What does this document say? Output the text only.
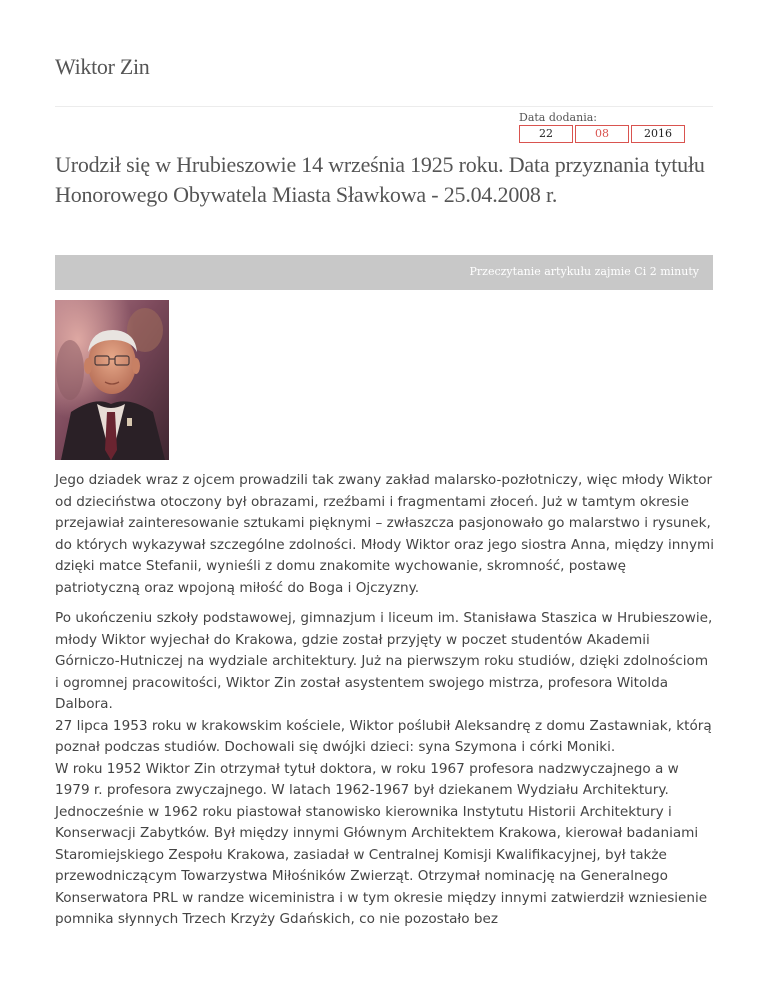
Wiktor Zin
Data dodania:
22	08	2016
Urodził się w Hrubieszowie 14 września 1925 roku. Data przyznania tytułu Honorowego Obywatela Miasta Sławkowa - 25.04.2008 r.
Przeczytanie artykułu zajmie Ci 2 minuty

Jego dziadek wraz z ojcem prowadzili tak zwany zakład malarsko-pozłotniczy, więc młody Wiktor od dzieciństwa otoczony był obrazami, rzeźbami i fragmentami złoceń. Już w tamtym okresie przejawiał zainteresowanie sztukami pięknymi – zwłaszcza pasjonowało go malarstwo i rysunek, do których wykazywał szczególne zdolności. Młody Wiktor oraz jego siostra Anna, między innymi dzięki matce Stefanii, wynieśli z domu znakomite wychowanie, skromność, postawę patriotyczną oraz wpojoną miłość do Boga i Ojczyzny.

Po ukończeniu szkoły podstawowej, gimnazjum i liceum im. Stanisława Staszica w Hrubieszowie, młody Wiktor wyjechał do Krakowa, gdzie został przyjęty w poczet studentów Akademii Górniczo-Hutniczej na wydziale architektury. Już na pierwszym roku studiów, dzięki zdolnościom i ogromnej pracowitości, Wiktor Zin został asystentem swojego mistrza, profesora Witolda Dalbora.
27 lipca 1953 roku w krakowskim kościele, Wiktor poślubił Aleksandrę z domu Zastawniak, którą poznał podczas studiów. Dochowali się dwójki dzieci: syna Szymona i córki Moniki.
W roku 1952 Wiktor Zin otrzymał tytuł doktora, w roku 1967 profesora nadzwyczajnego a w 1979 r. profesora zwyczajnego. W latach 1962-1967 był dziekanem Wydziału Architektury. Jednocześnie w 1962 roku piastował stanowisko kierownika Instytutu Historii Architektury i Konserwacji Zabytków. Był między innymi Głównym Architektem Krakowa, kierował badaniami Staromiejskiego Zespołu Krakowa, zasiadał w Centralnej Komisji Kwalifikacyjnej, był także przewodniczącym Towarzystwa Miłośników Zwierząt. Otrzymał nominację na Generalnego Konserwatora PRL w randze wiceministra i w tym okresie między innymi zatwierdził wzniesienie pomnika słynnych Trzech Krzyży Gdańskich, co nie pozostało bez
